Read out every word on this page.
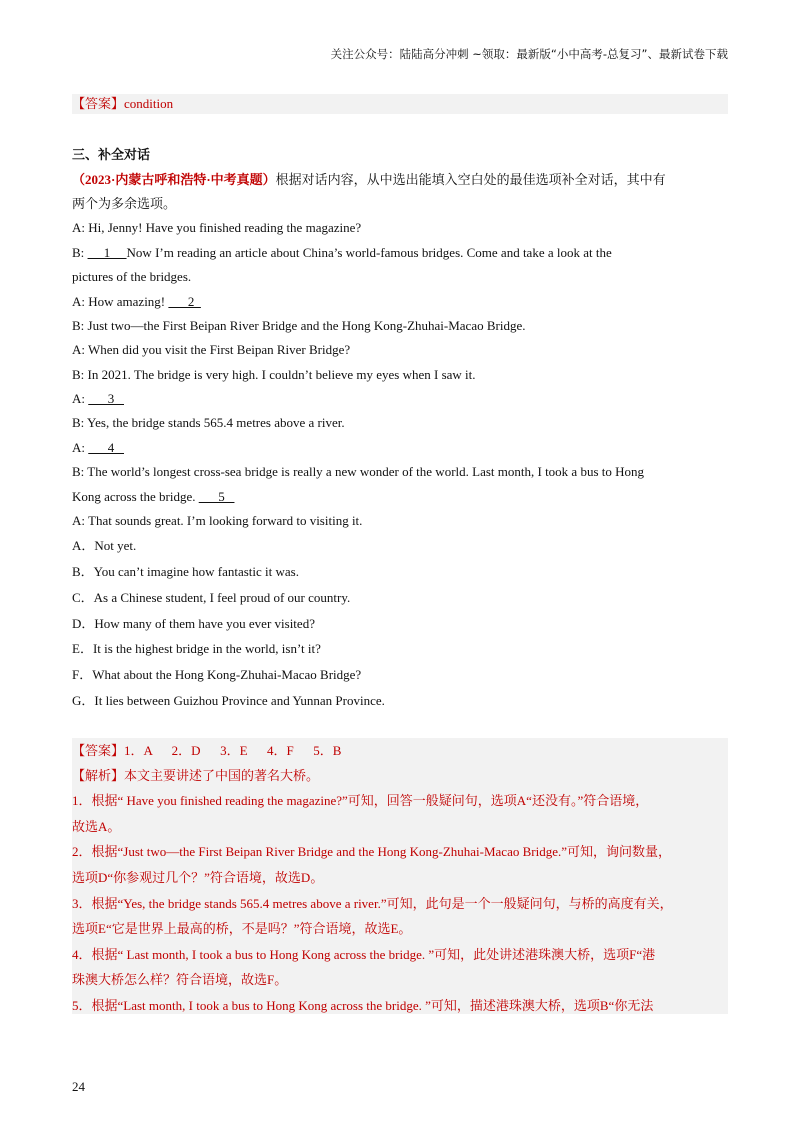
关注公众号：陆陆高分冲刺 ~领取：最新版“小中高考-总复习”、最新试卷下载
【答案】condition
三、补全对话
（2023·内蒙古呼和浩特·中考真题）根据对话内容，从中选出能填入空白处的最佳选项补全对话，其中有
两个为多余选项。
A: Hi, Jenny! Have you finished reading the magazine?
B:      1     Now I’m reading an article about China’s world-famous bridges. Come and take a look at the
pictures of the bridges.
A: How amazing!       2
B: Just two—the First Beipan River Bridge and the Hong Kong-Zhuhai-Macao Bridge.
A: When did you visit the First Beipan River Bridge?
B: In 2021. The bridge is very high. I couldn’t believe my eyes when I saw it.
A:       3
B: Yes, the bridge stands 565.4 metres above a river.
A:       4
B: The world’s longest cross-sea bridge is really a new wonder of the world. Last month, I took a bus to Hong
Kong across the bridge.       5
A: That sounds great. I’m looking forward to visiting it.
A．Not yet.
B．You can’t imagine how fantastic it was.
C．As a Chinese student, I feel proud of our country.
D．How many of them have you ever visited?
E．It is the highest bridge in the world, isn’t it?
F．What about the Hong Kong-Zhuhai-Macao Bridge?
G．It lies between Guizhou Province and Yunnan Province.
【答案】1．A      2．D      3．E      4．F      5．B
【解析】本文主要讲述了中国的著名大桥。
1．根据“ Have you finished reading the magazine?”可知，回答一般疑问句，选项A“还没有。”符合语境，
故选A。
2．根据“Just two—the First Beipan River Bridge and the Hong Kong-Zhuhai-Macao Bridge.”可知，询问数量，
选项D“你参观过几个？”符合语境，故选D。
3．根据“Yes, the bridge stands 565.4 metres above a river.”可知，此句是一个一般疑问句，与桥的高度有关，
选项E“它是世界上最高的桥，不是吗？”符合语境，故选E。
4．根据“ Last month, I took a bus to Hong Kong across the bridge. ”可知，此处讲述港珠澳大桥，选项F“港
珠澳大桥怎么样？符合语境，故选F。
5．根据“Last month, I took a bus to Hong Kong across the bridge. ”可知，描述港珠澳大桥，选项B“你无法
24
